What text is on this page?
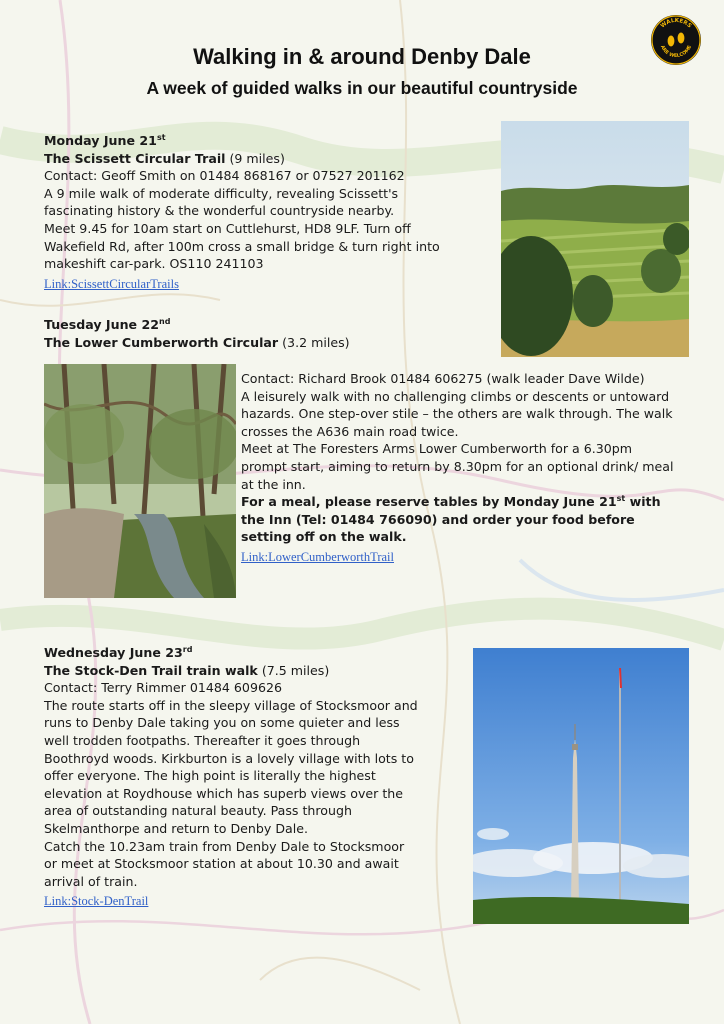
Walking in & around Denby Dale
A week of guided walks in our beautiful countryside
WALKERS
ARE WELCOME

Monday June 21st

The Scissett Circular Trail (9 miles)

Contact: Geoff Smith on 01484 868167 or 07527 201162

A 9 mile walk of moderate difficulty, revealing Scissett's

fascinating history & the wonderful countryside nearby.

Meet 9.45 for 10am start on Cuttlehurst, HD8 9LF. Turn off

Wakefield Rd, after 100m cross a small bridge & turn right into

makeshift car-park. OS110 241103

Link:ScissettCircularTrails

Tuesday June 22nd

The Lower Cumberworth Circular (3.2 miles)

Contact: Richard Brook 01484 606275 (walk leader Dave Wilde)

A leisurely walk with no challenging climbs or descents or untoward hazards. One step-over stile – the others are walk through. The walk crosses the A636 main road twice.

Meet at The Foresters Arms Lower Cumberworth for a 6.30pm prompt start, aiming to return by 8.30pm for an optional drink/ meal at the inn.

For a meal, please reserve tables by Monday June 21st with the Inn (Tel: 01484 766090) and order your food before setting off on the walk.

Link:LowerCumberworthTrail

Wednesday June 23rd

The Stock-Den Trail train walk (7.5 miles)

Contact: Terry Rimmer 01484 609626

The route starts off in the sleepy village of Stocksmoor and

runs to Denby Dale taking you on some quieter and less

well trodden footpaths. Thereafter it goes through

Boothroyd woods. Kirkburton is a lovely village with lots to

offer everyone. The high point is literally the highest

elevation at Roydhouse which has superb views over the

area of outstanding natural beauty. Pass through

Skelmanthorpe and return to Denby Dale.

Catch the 10.23am train from Denby Dale to Stocksmoor

or meet at Stocksmoor station at about 10.30 and await

arrival of train.

Link:Stock-DenTrail
